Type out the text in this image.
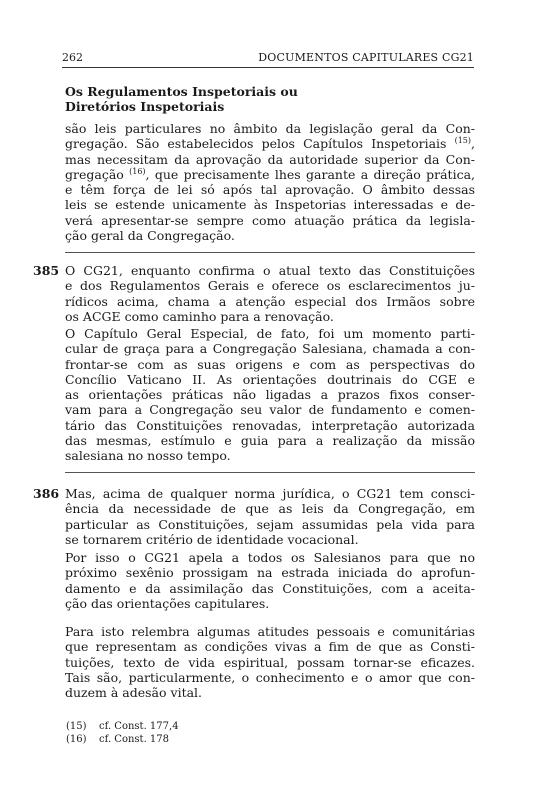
262	DOCUMENTOS CAPITULARES CG21
Os Regulamentos Inspetoriais ou
Diretórios Inspetoriais
são leis particulares no âmbito da legislação geral da Con-
gregação. São estabelecidos pelos Capítulos Inspetoriais $^{(15)}$,
mas necessitam da aprovação da autoridade superior da Con-
gregação $^{(16)}$, que precisamente lhes garante a direção prática,
e têm força de lei só após tal aprovação. O âmbito dessas
leis se estende unicamente às Inspetorias interessadas e de-
verá apresentar-se sempre como atuação prática da legisla-
ção geral da Congregação.
385 O CG21, enquanto confirma o atual texto das Constituições
e dos Regulamentos Gerais e oferece os esclarecimentos ju-
rídicos acima, chama a atenção especial dos Irmãos sobre
os ACGE como caminho para a renovação.
O Capítulo Geral Especial, de fato, foi um momento parti-
cular de graça para a Congregação Salesiana, chamada a con-
frontar-se com as suas origens e com as perspectivas do
Concílio Vaticano II. As orientações doutrinais do CGE e
as orientações práticas não ligadas a prazos fixos conser-
vam para a Congregação seu valor de fundamento e comen-
tário das Constituições renovadas, interpretação autorizada
das mesmas, estímulo e guia para a realização da missão
salesiana no nosso tempo.
386 Mas, acima de qualquer norma jurídica, o CG21 tem consci-
ência da necessidade de que as leis da Congregação, em
particular as Constituições, sejam assumidas pela vida para
se tornarem critério de identidade vocacional.
Por isso o CG21 apela a todos os Salesianos para que no
próximo sexênio prossigam na estrada iniciada do aprofun-
damento e da assimilação das Constituições, com a aceita-
ção das orientações capitulares.
Para isto relembra algumas atitudes pessoais e comunitárias
que representam as condições vivas a fim de que as Consti-
tuições, texto de vida espiritual, possam tornar-se eficazes.
Tais são, particularmente, o conhecimento e o amor que con-
duzem à adesão vital.
(15) cf. Const. 177,4
(16) cf. Const. 178
